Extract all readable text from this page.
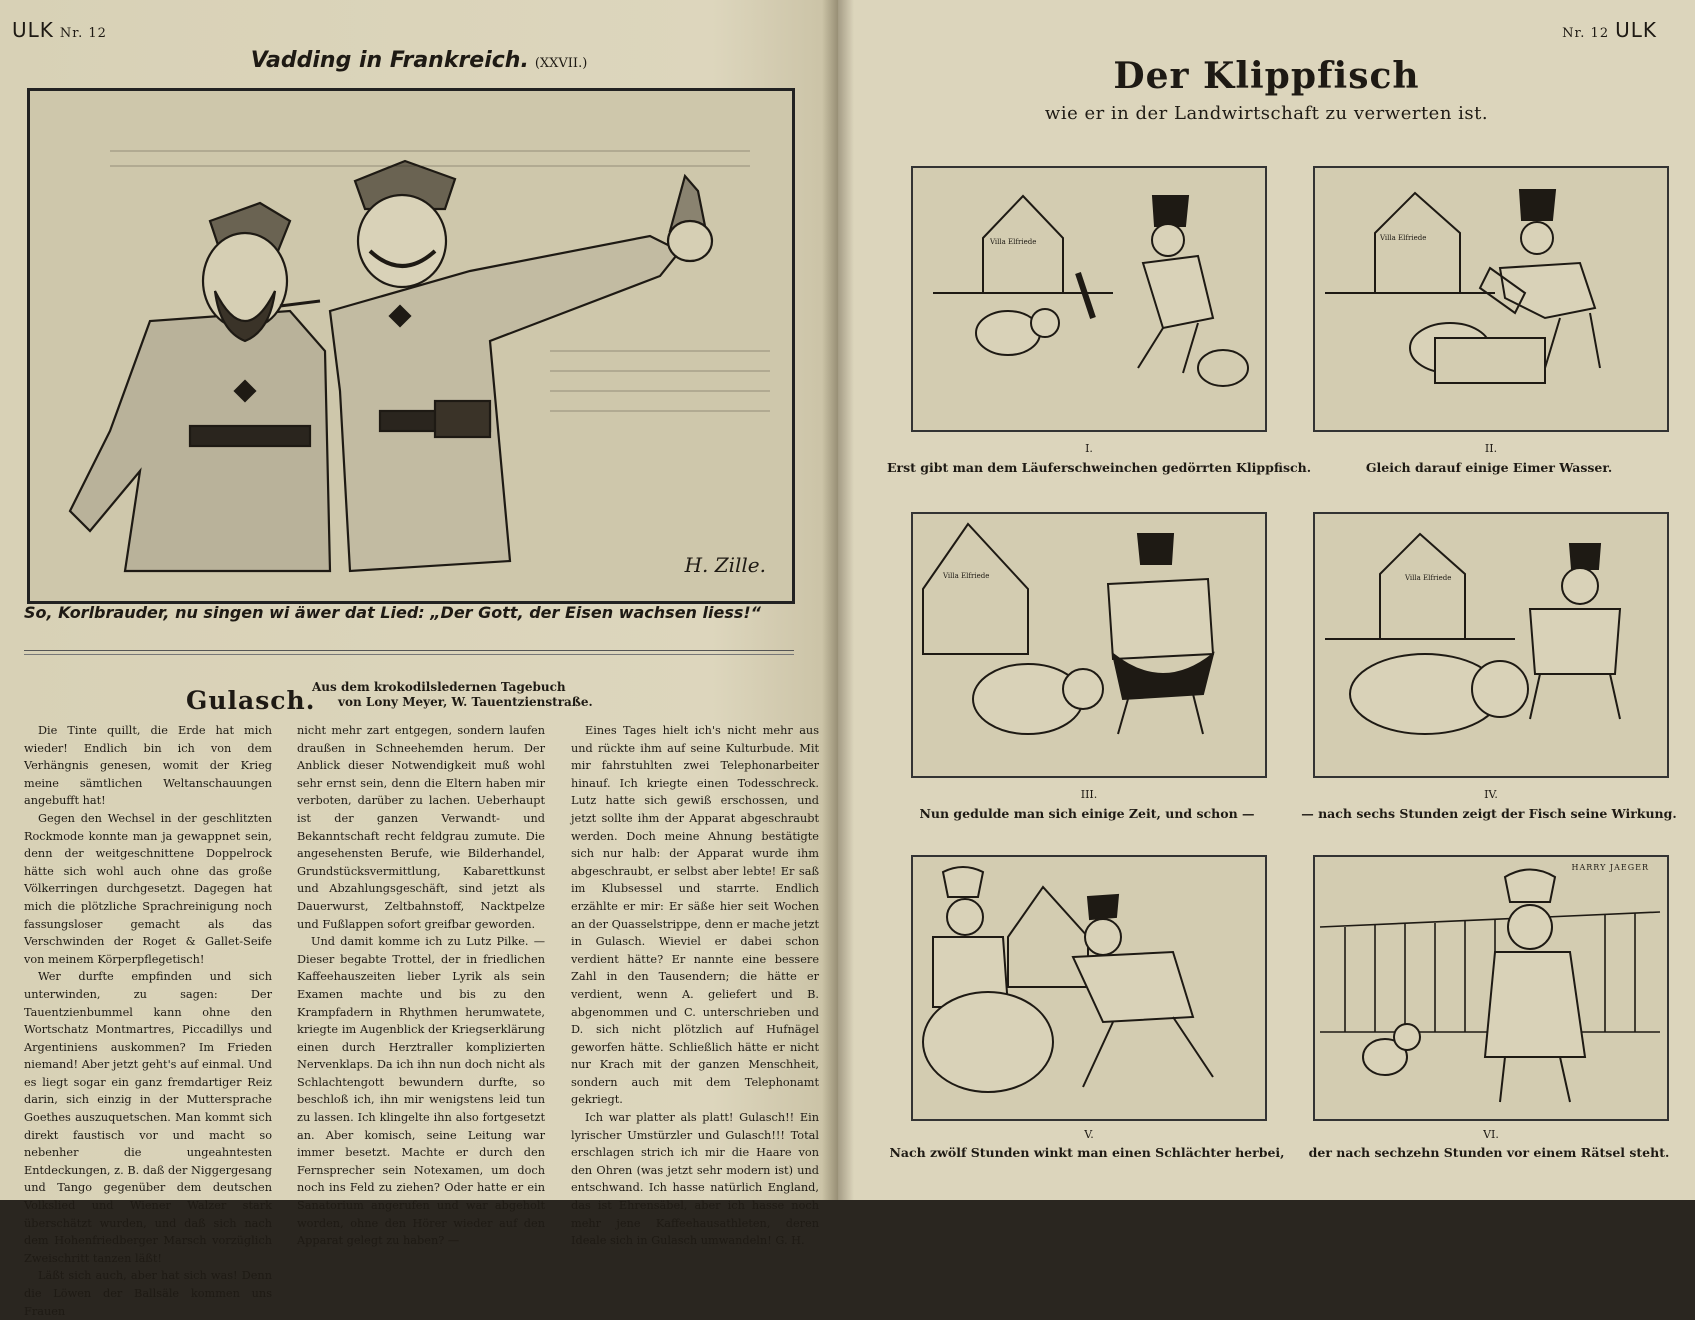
ULK Nr. 12
Vadding in Frankreich. (XXVII.)
H. Zille.
So, Korlbrauder, nu singen wi äwer dat Lied: „Der Gott, der Eisen wachsen liess!“
Gulasch.
Aus dem krokodilsledernen Tagebuch
von Lony Meyer, W. Tauentzienstraße.

Die Tinte quillt, die Erde hat mich wieder! Endlich bin ich von dem Verhängnis genesen, womit der Krieg meine sämtlichen Weltanschauungen angebufft hat!

Gegen den Wechsel in der geschlitzten Rockmode konnte man ja gewappnet sein, denn der weitgeschnittene Doppelrock hätte sich wohl auch ohne das große Völkerringen durchgesetzt. Dagegen hat mich die plötzliche Sprachreinigung noch fassungsloser gemacht als das Verschwinden der Roget & Gallet-Seife von meinem Körperpflegetisch!

Wer durfte empfinden und sich unterwinden, zu sagen: Der Tauentzienbummel kann ohne den Wortschatz Montmartres, Piccadillys und Argentiniens auskommen? Im Frieden niemand! Aber jetzt geht's auf einmal. Und es liegt sogar ein ganz fremdartiger Reiz darin, sich einzig in der Muttersprache Goethes auszuquetschen. Man kommt sich direkt faustisch vor und macht so nebenher die ungeahntesten Entdeckungen, z. B. daß der Niggergesang und Tango gegenüber dem deutschen Volkslied und Wiener Walzer stark überschätzt wurden, und daß sich nach dem Hohenfriedberger Marsch vorzüglich Zweischritt tanzen läßt!

Läßt sich auch, aber hat sich was! Denn die Löwen der Ballsäle kommen uns Frauen

nicht mehr zart entgegen, sondern laufen draußen in Schneehemden herum. Der Anblick dieser Notwendigkeit muß wohl sehr ernst sein, denn die Eltern haben mir verboten, darüber zu lachen. Ueberhaupt ist der ganzen Verwandt- und Bekanntschaft recht feldgrau zumute. Die angesehensten Berufe, wie Bilderhandel, Grundstücksvermittlung, Kabarettkunst und Abzahlungsgeschäft, sind jetzt als Dauerwurst, Zeltbahnstoff, Nacktpelze und Fußlappen sofort greifbar geworden.

Und damit komme ich zu Lutz Pilke. — Dieser begabte Trottel, der in friedlichen Kaffeehauszeiten lieber Lyrik als sein Examen machte und bis zu den Krampfadern in Rhythmen herumwatete, kriegte im Augenblick der Kriegserklärung einen durch Herztraller komplizierten Nervenklaps. Da ich ihn nun doch nicht als Schlachtengott bewundern durfte, so beschloß ich, ihn mir wenigstens leid tun zu lassen. Ich klingelte ihn also fortgesetzt an. Aber komisch, seine Leitung war immer besetzt. Machte er durch den Fernsprecher sein Notexamen, um doch noch ins Feld zu ziehen? Oder hatte er ein Sanatorium angerufen und war abgeholt worden, ohne den Hörer wieder auf den Apparat gelegt zu haben? —

Eines Tages hielt ich's nicht mehr aus und rückte ihm auf seine Kulturbude. Mit mir fahrstuhlten zwei Telephonarbeiter hinauf. Ich kriegte einen Todesschreck. Lutz hatte sich gewiß erschossen, und jetzt sollte ihm der Apparat abgeschraubt werden. Doch meine Ahnung bestätigte sich nur halb: der Apparat wurde ihm abgeschraubt, er selbst aber lebte! Er saß im Klubsessel und starrte. Endlich erzählte er mir: Er säße hier seit Wochen an der Quasselstrippe, denn er mache jetzt in Gulasch. Wieviel er dabei schon verdient hätte? Er nannte eine bessere Zahl in den Tausendern; die hätte er verdient, wenn A. geliefert und B. abgenommen und C. unterschrieben und D. sich nicht plötzlich auf Hufnägel geworfen hätte. Schließlich hätte er nicht nur Krach mit der ganzen Menschheit, sondern auch mit dem Telephonamt gekriegt.

Ich war platter als platt! Gulasch!! Ein lyrischer Umstürzler und Gulasch!!! Total erschlagen strich ich mir die Haare von den Ohren (was jetzt sehr modern ist) und entschwand. Ich hasse natürlich England, das ist Ehrensäbel, aber ich hasse noch mehr jene Kaffeehausathleten, deren Ideale sich in Gulasch umwandeln! G. H.

Nr. 12 ULK
Der Klippfisch
wie er in der Landwirtschaft zu verwerten ist.
Villa Elfriede
I.
Erst gibt man dem Läuferschweinchen gedörrten Klippfisch.
Villa Elfriede
II.
Gleich darauf einige Eimer Wasser.
Villa Elfriede
III.
Nun gedulde man sich einige Zeit, und schon —
Villa Elfriede
IV.
— nach sechs Stunden zeigt der Fisch seine Wirkung.
V.
Nach zwölf Stunden winkt man einen Schlächter herbei,
HARRY JAEGER
VI.
der nach sechzehn Stunden vor einem Rätsel steht.
